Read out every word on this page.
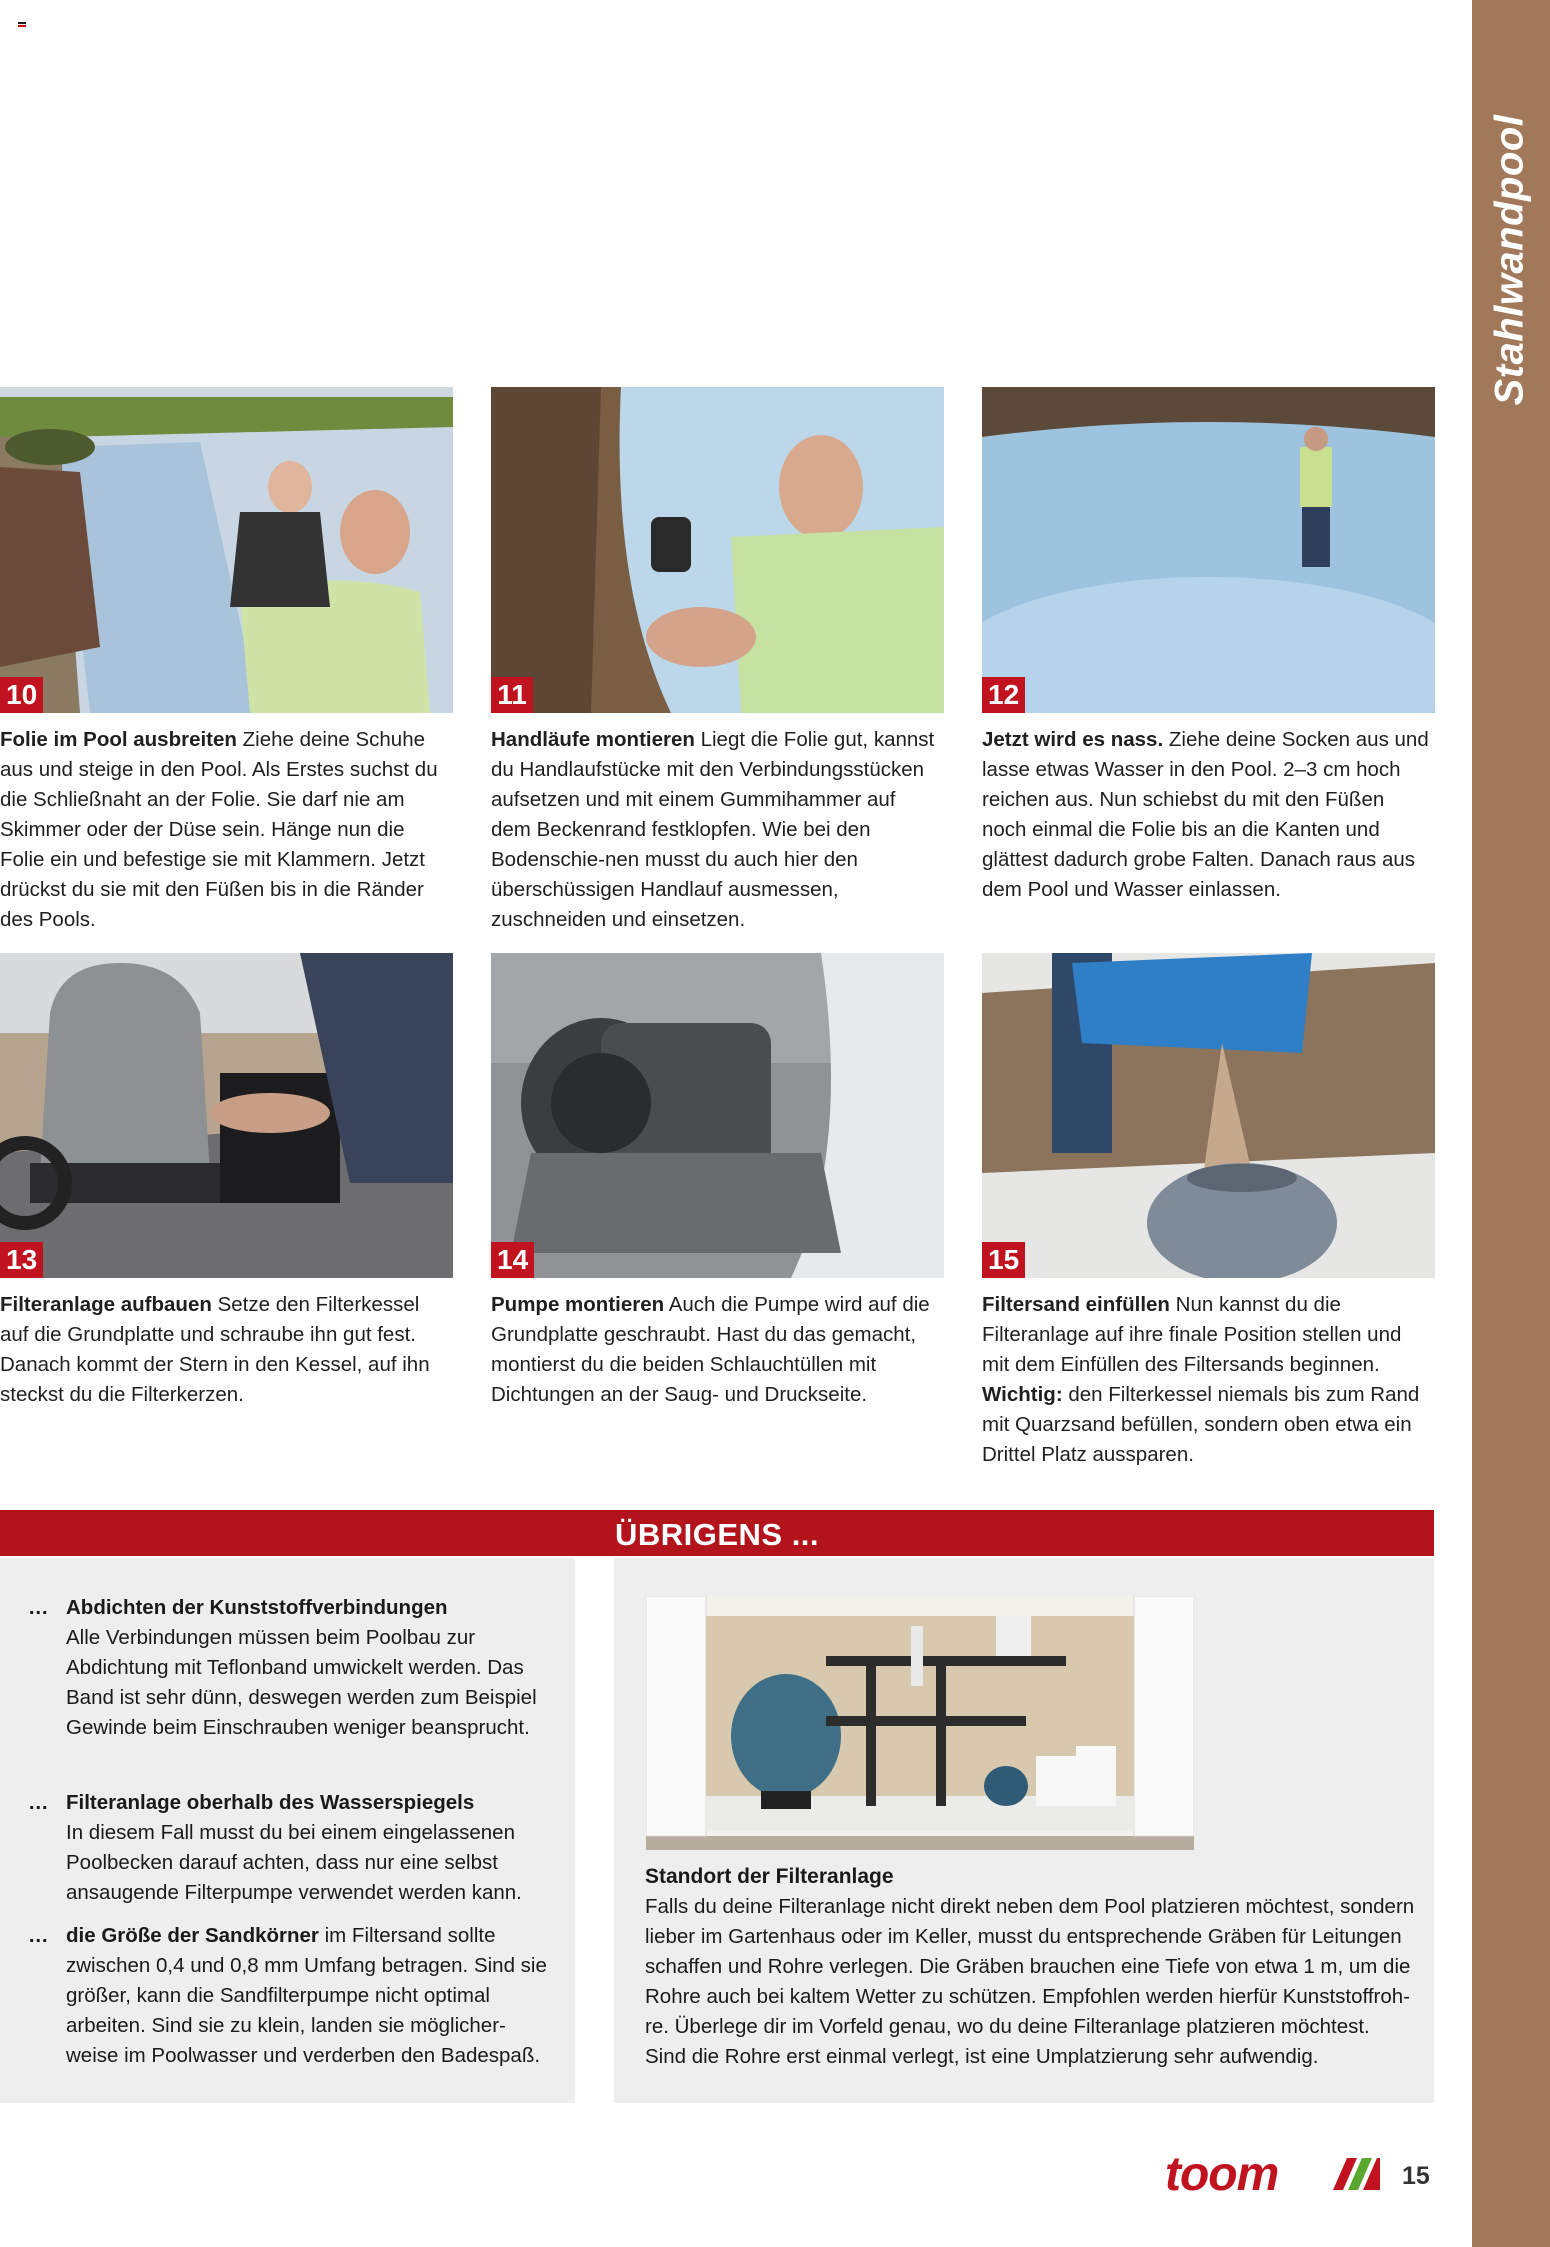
Stahlwandpool
10	11	12
Folie im Pool ausbreiten Ziehe deine Schuhe aus und steige in den Pool. Als Erstes suchst du die Schließnaht an der Folie. Sie darf nie am Skimmer oder der Düse sein. Hänge nun die Folie ein und befestige sie mit Klammern. Jetzt drückst du sie mit den Füßen bis in die Ränder des Pools.
Handläufe montieren Liegt die Folie gut, kannst du Handlaufstücke mit den Verbindungsstücken aufsetzen und mit einem Gummihammer auf dem Beckenrand festklopfen. Wie bei den Bodenschie-nen musst du auch hier den überschüssigen Handlauf ausmessen, zuschneiden und einsetzen.
Jetzt wird es nass. Ziehe deine Socken aus und lasse etwas Wasser in den Pool. 2–3 cm hoch reichen aus. Nun schiebst du mit den Füßen noch einmal die Folie bis an die Kanten und glättest dadurch grobe Falten. Danach raus aus dem Pool und Wasser einlassen.
13	14	15
Filteranlage aufbauen Setze den Filterkessel auf die Grundplatte und schraube ihn gut fest. Danach kommt der Stern in den Kessel, auf ihn steckst du die Filterkerzen.
Pumpe montieren Auch die Pumpe wird auf die Grundplatte geschraubt. Hast du das gemacht, montierst du die beiden Schlauchtüllen mit Dichtungen an der Saug- und Druckseite.
Filtersand einfüllen Nun kannst du die Filteranlage auf ihre finale Position stellen und mit dem Einfüllen des Filtersands beginnen. Wichtig: den Filterkessel niemals bis zum Rand mit Quarzsand befüllen, sondern oben etwa ein Drittel Platz aussparen.
ÜBRIGENS ...
… Abdichten der Kunststoffverbindungen
Alle Verbindungen müssen beim Poolbau zur Abdichtung mit Teflonband umwickelt werden. Das Band ist sehr dünn, deswegen werden zum Beispiel Gewinde beim Einschrauben weniger beansprucht.
… Filteranlage oberhalb des Wasserspiegels
In diesem Fall musst du bei einem eingelassenen Poolbecken darauf achten, dass nur eine selbst ansaugende Filterpumpe verwendet werden kann.
… die Größe der Sandkörner im Filtersand sollte zwischen 0,4 und 0,8 mm Umfang betragen. Sind sie größer, kann die Sandfilterpumpe nicht optimal arbeiten. Sind sie zu klein, landen sie möglicher-weise im Poolwasser und verderben den Badespaß.
Standort der Filteranlage
Falls du deine Filteranlage nicht direkt neben dem Pool platzieren möchtest, sondern lieber im Gartenhaus oder im Keller, musst du entsprechende Gräben für Leitungen schaffen und Rohre verlegen. Die Gräben brauchen eine Tiefe von etwa 1 m, um die Rohre auch bei kaltem Wetter zu schützen. Empfohlen werden hierfür Kunststoffroh-re. Überlege dir im Vorfeld genau, wo du deine Filteranlage platzieren möchtest. Sind die Rohre erst einmal verlegt, ist eine Umplatzierung sehr aufwendig.
toom	15
